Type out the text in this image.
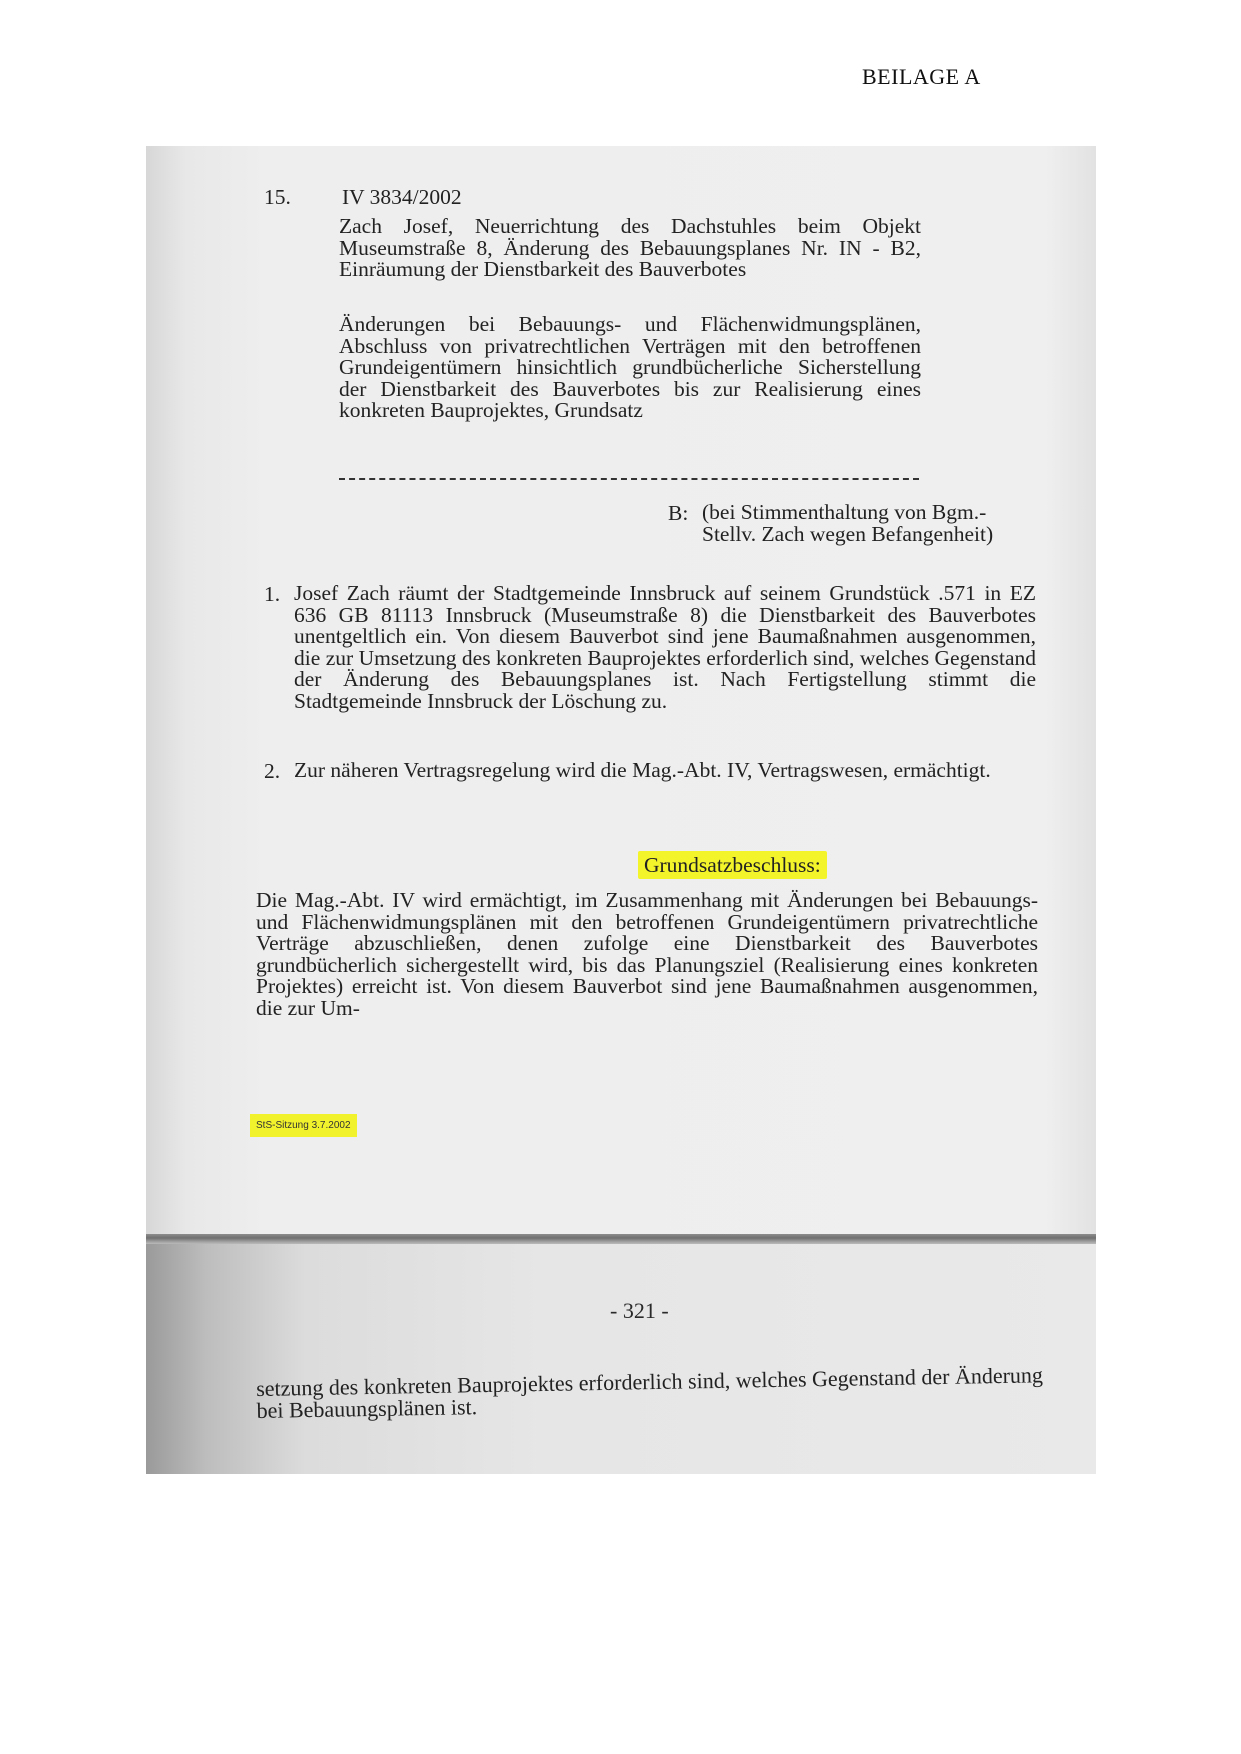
BEILAGE A
15. IV 3834/2002
Zach Josef, Neuerrichtung des Dachstuhles beim Objekt Museumstraße 8, Änderung des Bebauungsplanes Nr. IN - B2, Einräumung der Dienstbarkeit des Bauverbotes
Änderungen bei Bebauungs- und Flächenwidmungsplänen, Abschluss von privatrechtlichen Verträgen mit den betroffenen Grundeigentümern hinsichtlich grundbücherliche Sicherstellung der Dienstbarkeit des Bauverbotes bis zur Realisierung eines konkreten Bauprojektes, Grundsatz
B: (bei Stimmenthaltung von Bgm.-Stellv. Zach wegen Befangenheit)
1. Josef Zach räumt der Stadtgemeinde Innsbruck auf seinem Grundstück .571 in EZ 636 GB 81113 Innsbruck (Museumstraße 8) die Dienstbarkeit des Bauverbotes unentgeltlich ein. Von diesem Bauverbot sind jene Baumaßnahmen ausgenommen, die zur Umsetzung des konkreten Bauprojektes erforderlich sind, welches Gegenstand der Änderung des Bebauungsplanes ist. Nach Fertigstellung stimmt die Stadtgemeinde Innsbruck der Löschung zu.
2. Zur näheren Vertragsregelung wird die Mag.-Abt. IV, Vertragswesen, ermächtigt.
Grundsatzbeschluss:
Die Mag.-Abt. IV wird ermächtigt, im Zusammenhang mit Änderungen bei Bebauungs- und Flächenwidmungsplänen mit den betroffenen Grundeigentümern privatrechtliche Verträge abzuschließen, denen zufolge eine Dienstbarkeit des Bauverbotes grundbücherlich sichergestellt wird, bis das Planungsziel (Realisierung eines konkreten Projektes) erreicht ist. Von diesem Bauverbot sind jene Baumaßnahmen ausgenommen, die zur Um-
StS-Sitzung 3.7.2002
- 321 -
setzung des konkreten Bauprojektes erforderlich sind, welches Gegenstand der Änderung bei Bebauungsplänen ist.
